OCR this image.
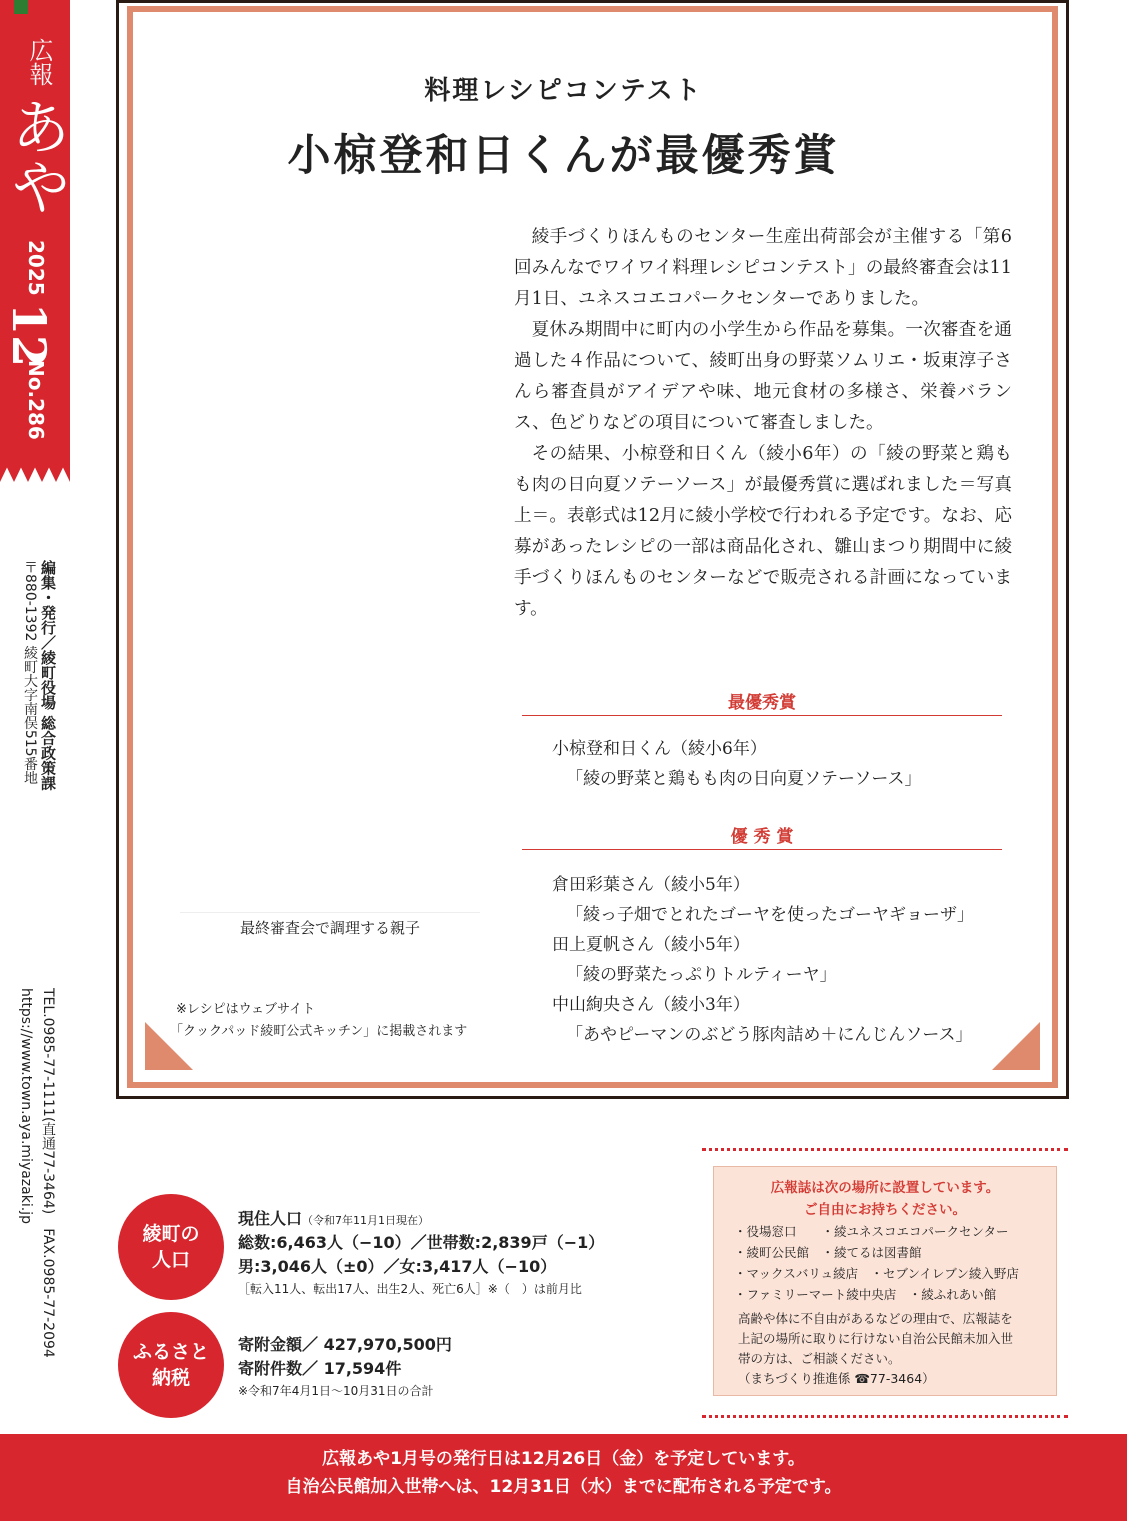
広報
あや
2025
12
No.286
編集・発行／綾町役場 総合政策課
〒880-1392 綾町大字南俣515番地
TEL.0985-77-1111(直通77-3464)　FAX.0985-77-2094
https://www.town.aya.miyazaki.jp
料理レシピコンテスト
小椋登和日くんが最優秀賞

綾手づくりほんものセンター生産出荷部会が主催する「第6回みんなでワイワイ料理レシピコンテスト」の最終審査会は11月1日、ユネスコエコパークセンターでありました。

夏休み期間中に町内の小学生から作品を募集。一次審査を通過した４作品について、綾町出身の野菜ソムリエ・坂東淳子さんら審査員がアイデアや味、地元食材の多様さ、栄養バランス、色どりなどの項目について審査しました。

その結果、小椋登和日くん（綾小6年）の「綾の野菜と鶏もも肉の日向夏ソテーソース」が最優秀賞に選ばれました＝写真上＝。表彰式は12月に綾小学校で行われる予定です。なお、応募があったレシピの一部は商品化され、雛山まつり期間中に綾手づくりほんものセンターなどで販売される計画になっています。

最優秀賞
小椋登和日くん（綾小6年）
「綾の野菜と鶏もも肉の日向夏ソテーソース」
優 秀 賞
倉田彩葉さん（綾小5年）
「綾っ子畑でとれたゴーヤを使ったゴーヤギョーザ」
田上夏帆さん（綾小5年）
「綾の野菜たっぷりトルティーヤ」
中山絢央さん（綾小3年）
「あやピーマンのぶどう豚肉詰め＋にんじんソース」
最終審査会で調理する親子
※レシピはウェブサイト
「クックパッド綾町公式キッチン」に掲載されます
綾町の
人口
現住人口（令和7年11月1日現在）
総数:6,463人（−10）／世帯数:2,839戸（−1）
男:3,046人（±0）／女:3,417人（−10）
［転入11人、転出17人、出生2人、死亡6人］※（　）は前月比
ふるさと
納税
寄附金額／ 427,970,500円
寄附件数／ 17,594件
※令和7年4月1日〜10月31日の合計
広報誌は次の場所に設置しています。
ご自由にお持ちください。
・役場窓口　　・綾ユネスコエコパークセンター
・綾町公民館　・綾てるは図書館
・マックスバリュ綾店　・セブンイレブン綾入野店
・ファミリーマート綾中央店　・綾ふれあい館
高齢や体に不自由があるなどの理由で、広報誌を
上記の場所に取りに行けない自治公民館未加入世
帯の方は、ご相談ください。
（まちづくり推進係 ☎77-3464）
広報あや1月号の発行日は12月26日（金）を予定しています。
自治公民館加入世帯へは、12月31日（水）までに配布される予定です。
